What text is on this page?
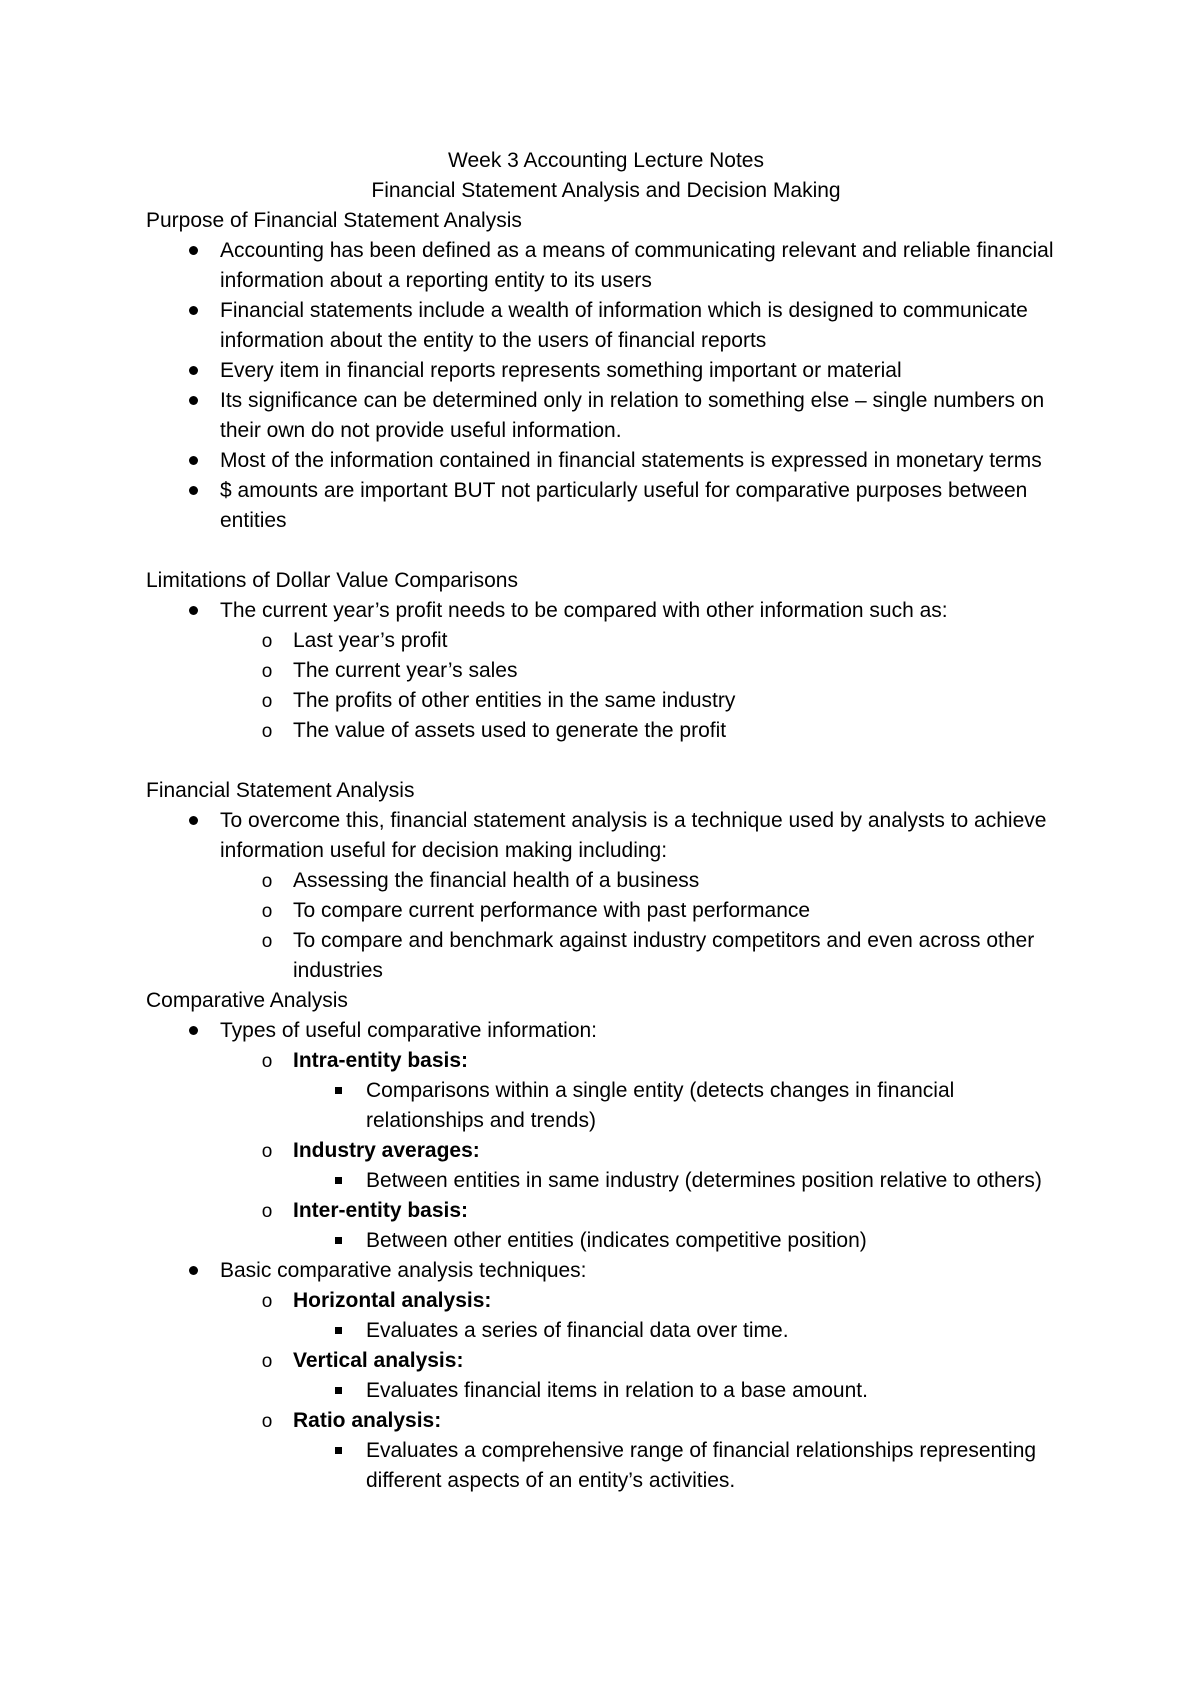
Week 3 Accounting Lecture Notes

Financial Statement Analysis and Decision Making

Purpose of Financial Statement Analysis

Accounting has been defined as a means of communicating relevant and reliable financial information about a reporting entity to its users
Financial statements include a wealth of information which is designed to communicate information about the entity to the users of financial reports
Every item in financial reports represents something important or material
Its significance can be determined only in relation to something else – single numbers on their own do not provide useful information.
Most of the information contained in financial statements is expressed in monetary terms
$ amounts are important BUT not particularly useful for comparative purposes between entities

Limitations of Dollar Value Comparisons

The current year’s profit needs to be compared with other information such as:
o Last year’s profit
o The current year’s sales
o The profits of other entities in the same industry
o The value of assets used to generate the profit

Financial Statement Analysis

To overcome this, financial statement analysis is a technique used by analysts to achieve information useful for decision making including:
o Assessing the financial health of a business
o To compare current performance with past performance
o To compare and benchmark against industry competitors and even across other industries

Comparative Analysis

Types of useful comparative information:
o Intra-entity basis:
Comparisons within a single entity (detects changes in financial relationships and trends)
o Industry averages:
Between entities in same industry (determines position relative to others)
o Inter-entity basis:
Between other entities (indicates competitive position)
Basic comparative analysis techniques:
o Horizontal analysis:
Evaluates a series of financial data over time.
o Vertical analysis:
Evaluates financial items in relation to a base amount.
o Ratio analysis:
Evaluates a comprehensive range of financial relationships representing different aspects of an entity’s activities.
